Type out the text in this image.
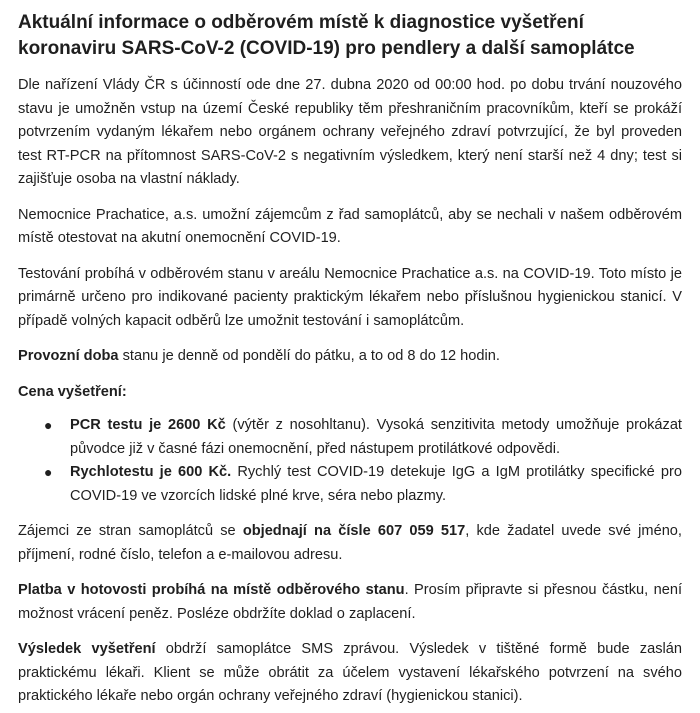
Aktuální informace o odběrovém místě k diagnostice vyšetření koronaviru SARS-CoV-2 (COVID-19) pro pendlery a další samoplátce

Dle nařízení Vlády ČR s účinností ode dne 27. dubna 2020 od 00:00 hod. po dobu trvání nouzového stavu je umožněn vstup na území České republiky těm přeshraničním pracovníkům, kteří se prokáží potvrzením vydaným lékařem nebo orgánem ochrany veřejného zdraví potvrzující, že byl proveden test RT-PCR na přítomnost SARS-CoV-2 s negativním výsledkem, který není starší než 4 dny; test si zajišťuje osoba na vlastní náklady.

Nemocnice Prachatice, a.s. umožní zájemcům z řad samoplátců, aby se nechali v našem odběrovém místě otestovat na akutní onemocnění COVID-19.

Testování probíhá v odběrovém stanu v areálu Nemocnice Prachatice a.s. na COVID-19. Toto místo je primárně určeno pro indikované pacienty praktickým lékařem nebo příslušnou hygienickou stanicí. V případě volných kapacit odběrů lze umožnit testování i samoplátcům.

Provozní doba stanu je denně od pondělí do pátku, a to od 8 do 12 hodin.

Cena vyšetření:

● PCR testu je 2600 Kč (výtěr z nosohltanu). Vysoká senzitivita metody umožňuje prokázat původce již v časné fázi onemocnění, před nástupem protilátkové odpovědi.
● Rychlotestu je 600 Kč. Rychlý test COVID-19 detekuje IgG a IgM protilátky specifické pro COVID-19 ve vzorcích lidské plné krve, séra nebo plazmy.

Zájemci ze stran samoplátců se objednají na čísle 607 059 517, kde žadatel uvede své jméno, příjmení, rodné číslo, telefon a e-mailovou adresu.

Platba v hotovosti probíhá na místě odběrového stanu. Prosím připravte si přesnou částku, není možnost vrácení peněz. Posléze obdržíte doklad o zaplacení.

Výsledek vyšetření obdrží samoplátce SMS zprávou. Výsledek v tištěné formě bude zaslán praktickému lékaři. Klient se může obrátit za účelem vystavení lékařského potvrzení na svého praktického lékaře nebo orgán ochrany veřejného zdraví (hygienickou stanici).
